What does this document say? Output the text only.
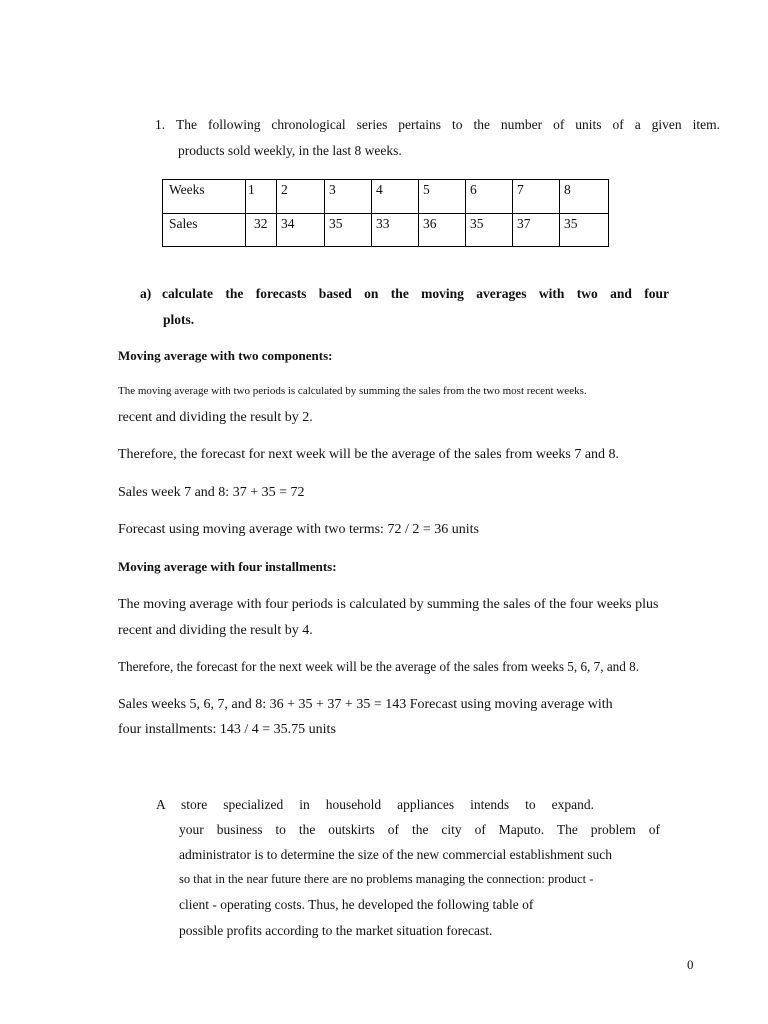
1. The following chronological series pertains to the number of units of a given item.
products sold weekly, in the last 8 weeks.
Weeks	1	2	3	4	5	6	7	8
Sales	32	34	35	33	36	35	37	35
a) calculate the forecasts based on the moving averages with two and four
plots.
Moving average with two components:
The moving average with two periods is calculated by summing the sales from the two most recent weeks.
recent and dividing the result by 2.
Therefore, the forecast for next week will be the average of the sales from weeks 7 and 8.
Sales week 7 and 8: 37 + 35 = 72
Forecast using moving average with two terms: 72 / 2 = 36 units
Moving average with four installments:
The moving average with four periods is calculated by summing the sales of the four weeks plus
recent and dividing the result by 4.
Therefore, the forecast for the next week will be the average of the sales from weeks 5, 6, 7, and 8.
Sales weeks 5, 6, 7, and 8: 36 + 35 + 37 + 35 = 143 Forecast using moving average with
four installments: 143 / 4 = 35.75 units
A store specialized in household appliances intends to expand.
your business to the outskirts of the city of Maputo. The problem of
administrator is to determine the size of the new commercial establishment such
so that in the near future there are no problems managing the connection: product -
client - operating costs. Thus, he developed the following table of
possible profits according to the market situation forecast.
0
